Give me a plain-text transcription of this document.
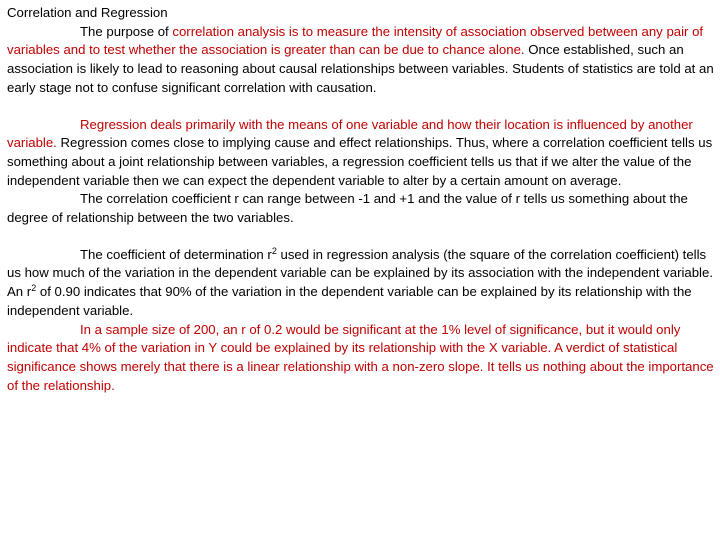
Correlation and Regression

The purpose of correlation analysis is to measure the intensity of association observed between any pair of variables and to test whether the association is greater than can be due to chance alone. Once established, such an association is likely to lead to reasoning about causal relationships between variables. Students of statistics are told at an early stage not to confuse significant correlation with causation.

Regression deals primarily with the means of one variable and how their location is influenced by another variable. Regression comes close to implying cause and effect relationships. Thus, where a correlation coefficient tells us something about a joint relationship between variables, a regression coefficient tells us that if we alter the value of the independent variable then we can expect the dependent variable to alter by a certain amount on average.

The correlation coefficient r can range between -1 and +1 and the value of r tells us something about the degree of relationship between the two variables.

The coefficient of determination $r^2$ used in regression analysis (the square of the correlation coefficient) tells us how much of the variation in the dependent variable can be explained by its association with the independent variable. An $r^2$ of 0.90 indicates that 90% of the variation in the dependent variable can be explained by its relationship with the independent variable.

In a sample size of 200, an r of 0.2 would be significant at the 1% level of significance, but it would only indicate that 4% of the variation in Y could be explained by its relationship with the X variable. A verdict of statistical significance shows merely that there is a linear relationship with a non-zero slope. It tells us nothing about the importance of the relationship.
